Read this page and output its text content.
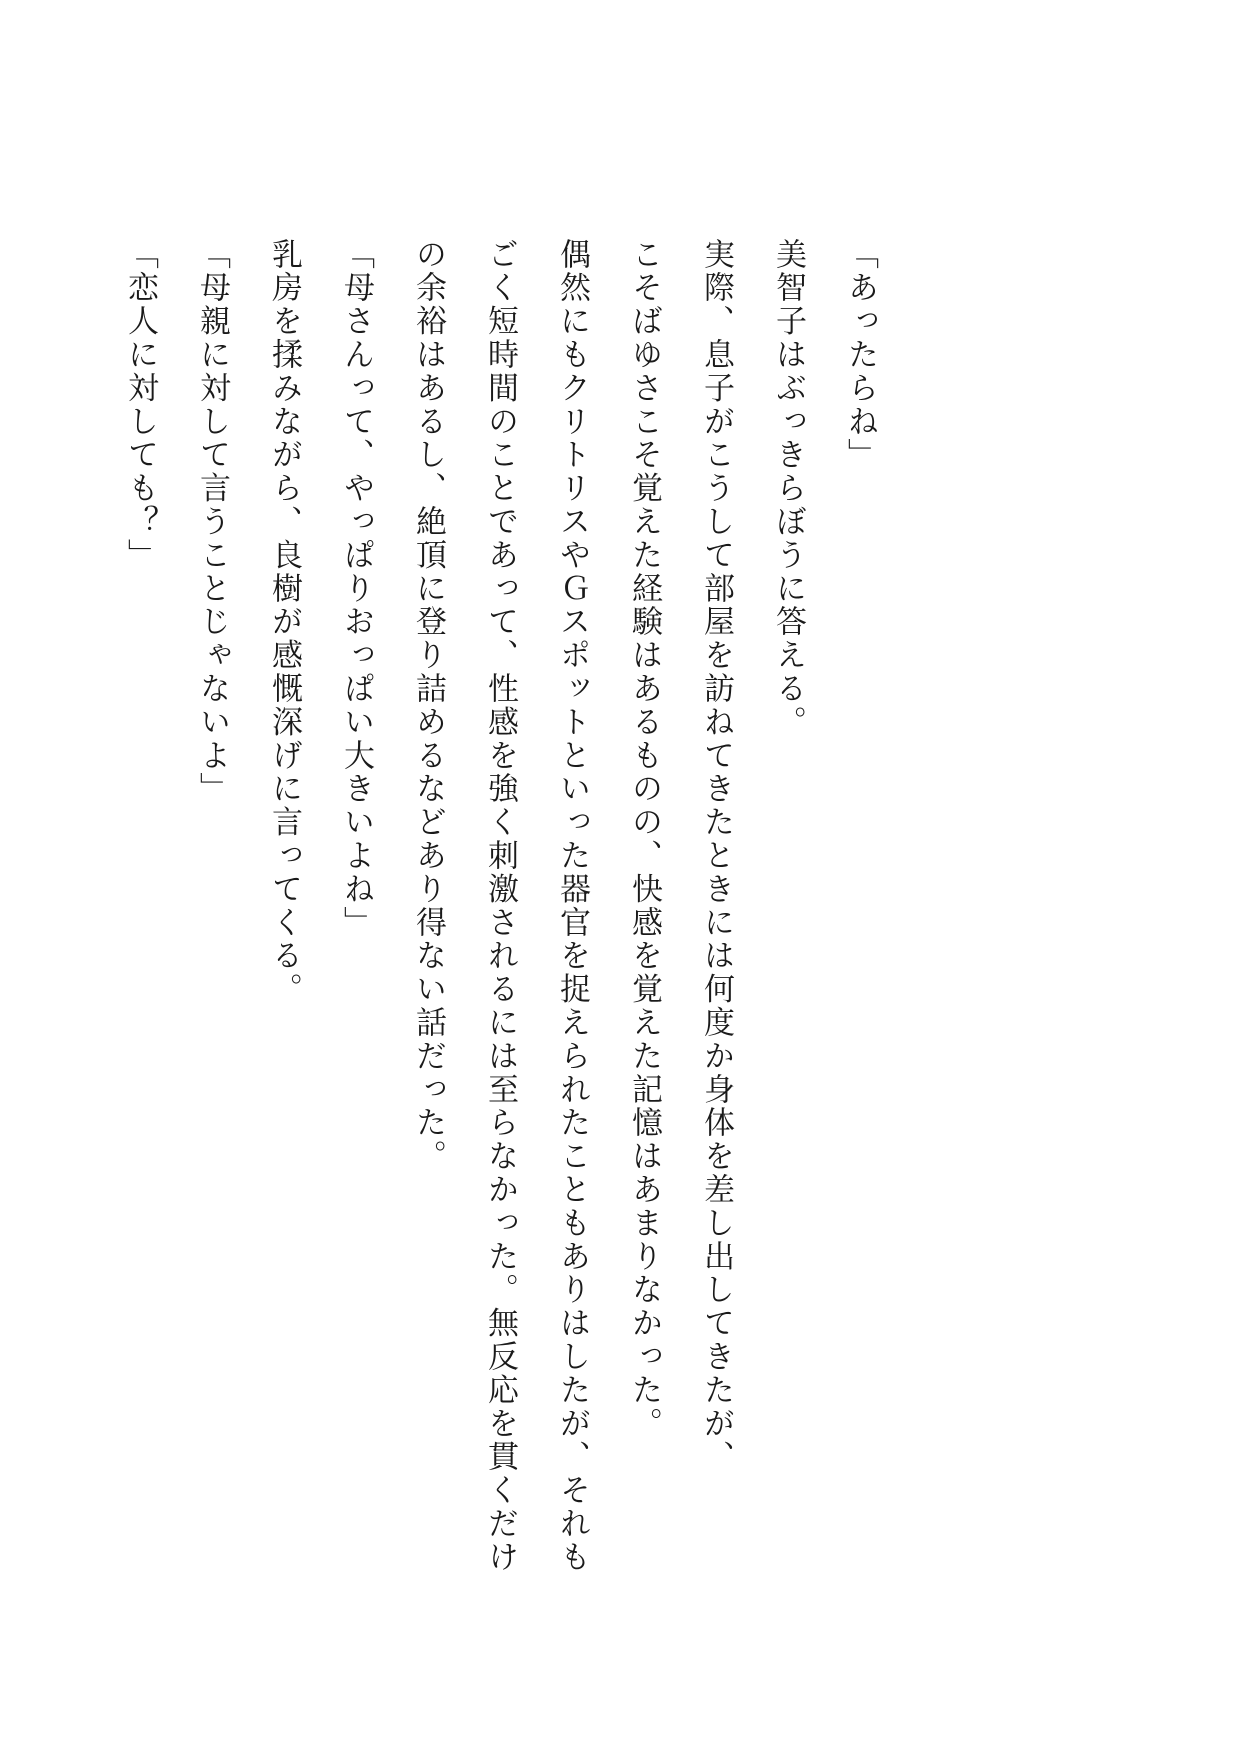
「あったらね」

美智子はぶっきらぼうに答える。

実際、息子がこうして部屋を訪ねてきたときには何度か身体を差し出してきたが、

こそばゆさこそ覚えた経験はあるものの、快感を覚えた記憶はあまりなかった。

偶然にもクリトリスやＧスポットといった器官を捉えられたこともありはしたが、それもごく短時間のことであって、性感を強く刺激されるには至らなかった。無反応を貫くだけの余裕はあるし、絶頂に登り詰めるなどあり得ない話だった。

「母さんって、やっぱりおっぱい大きいよね」

乳房を揉みながら、良樹が感慨深げに言ってくる。

「母親に対して言うことじゃないよ」

「恋人に対しても？」
